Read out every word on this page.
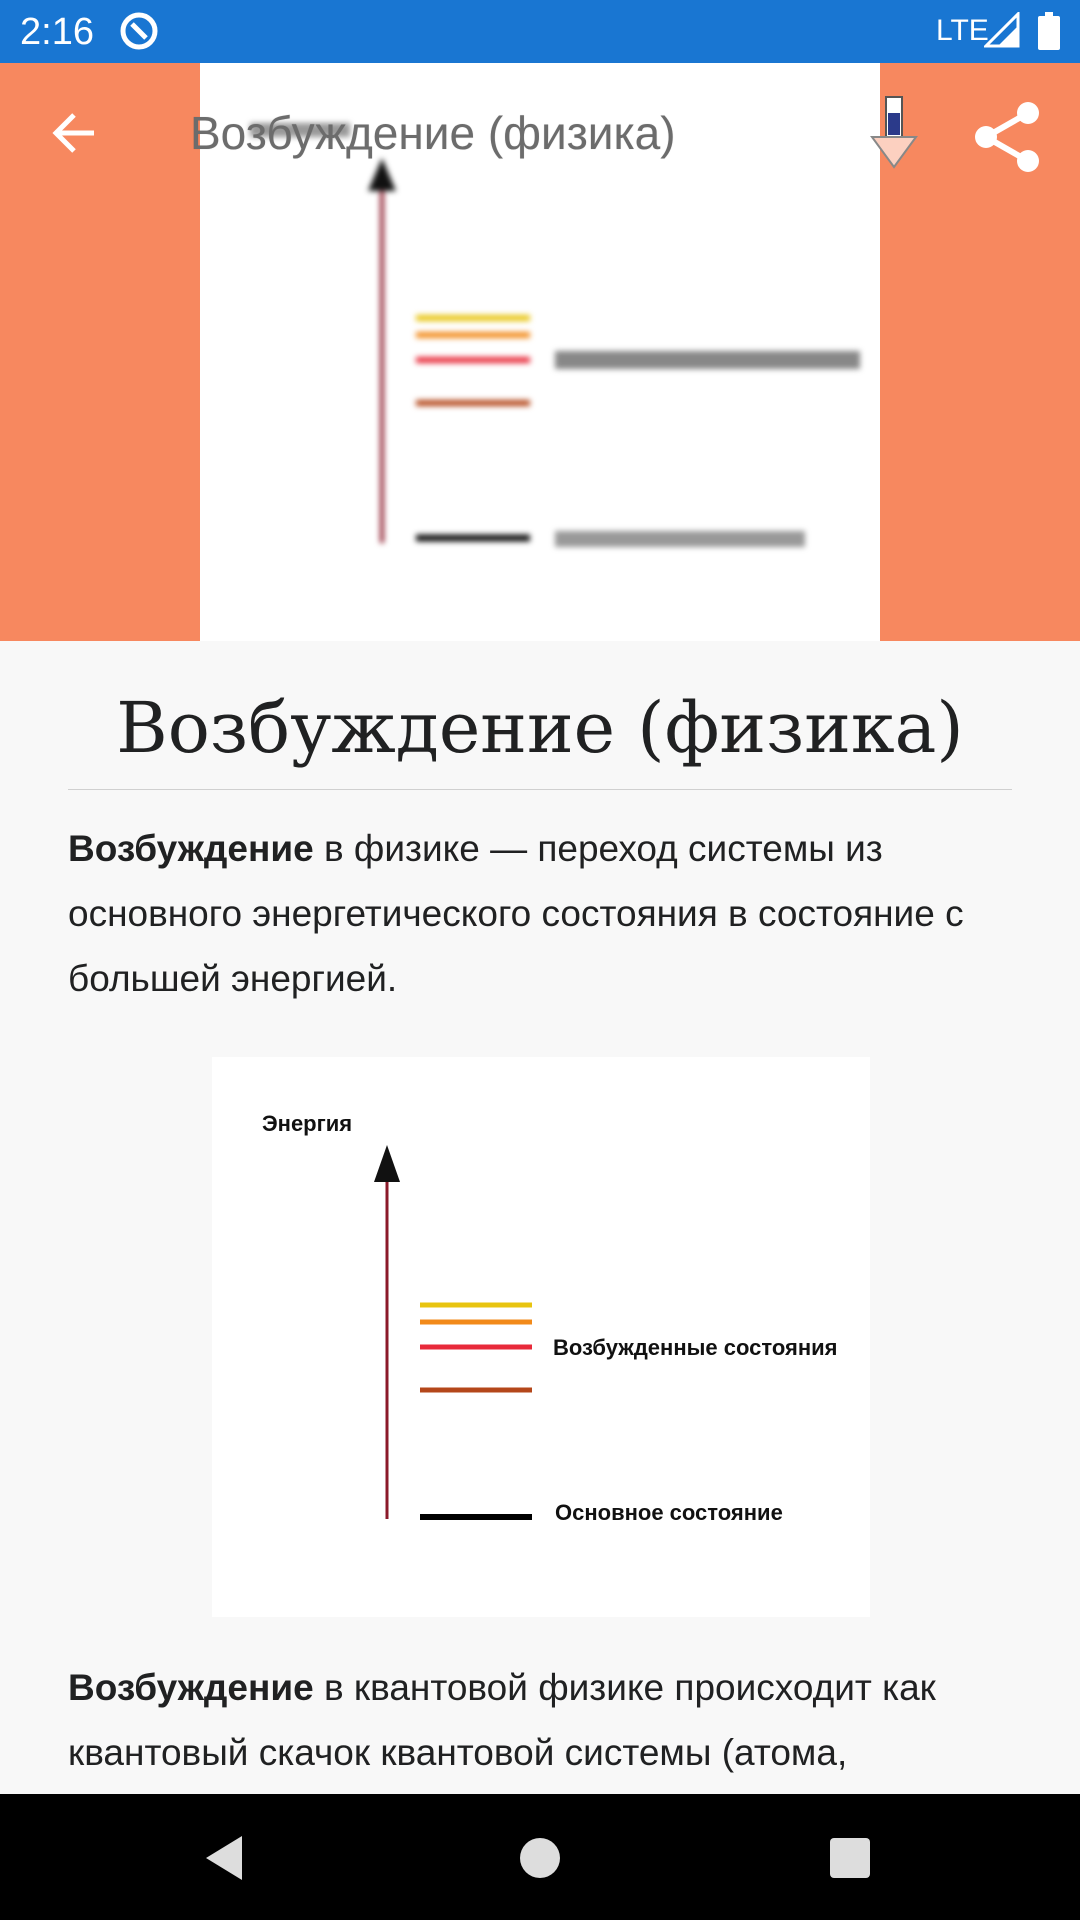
2:16	LTE
Возбуждение (физика)
Возбуждение (физика)

Возбуждение в физике — переход системы из основного энергетического состояния в состояние с большей энергией.

Энергия
Возбужденные состояния
Основное состояние

Возбуждение в квантовой физике происходит как квантовый скачок квантовой системы (атома,
